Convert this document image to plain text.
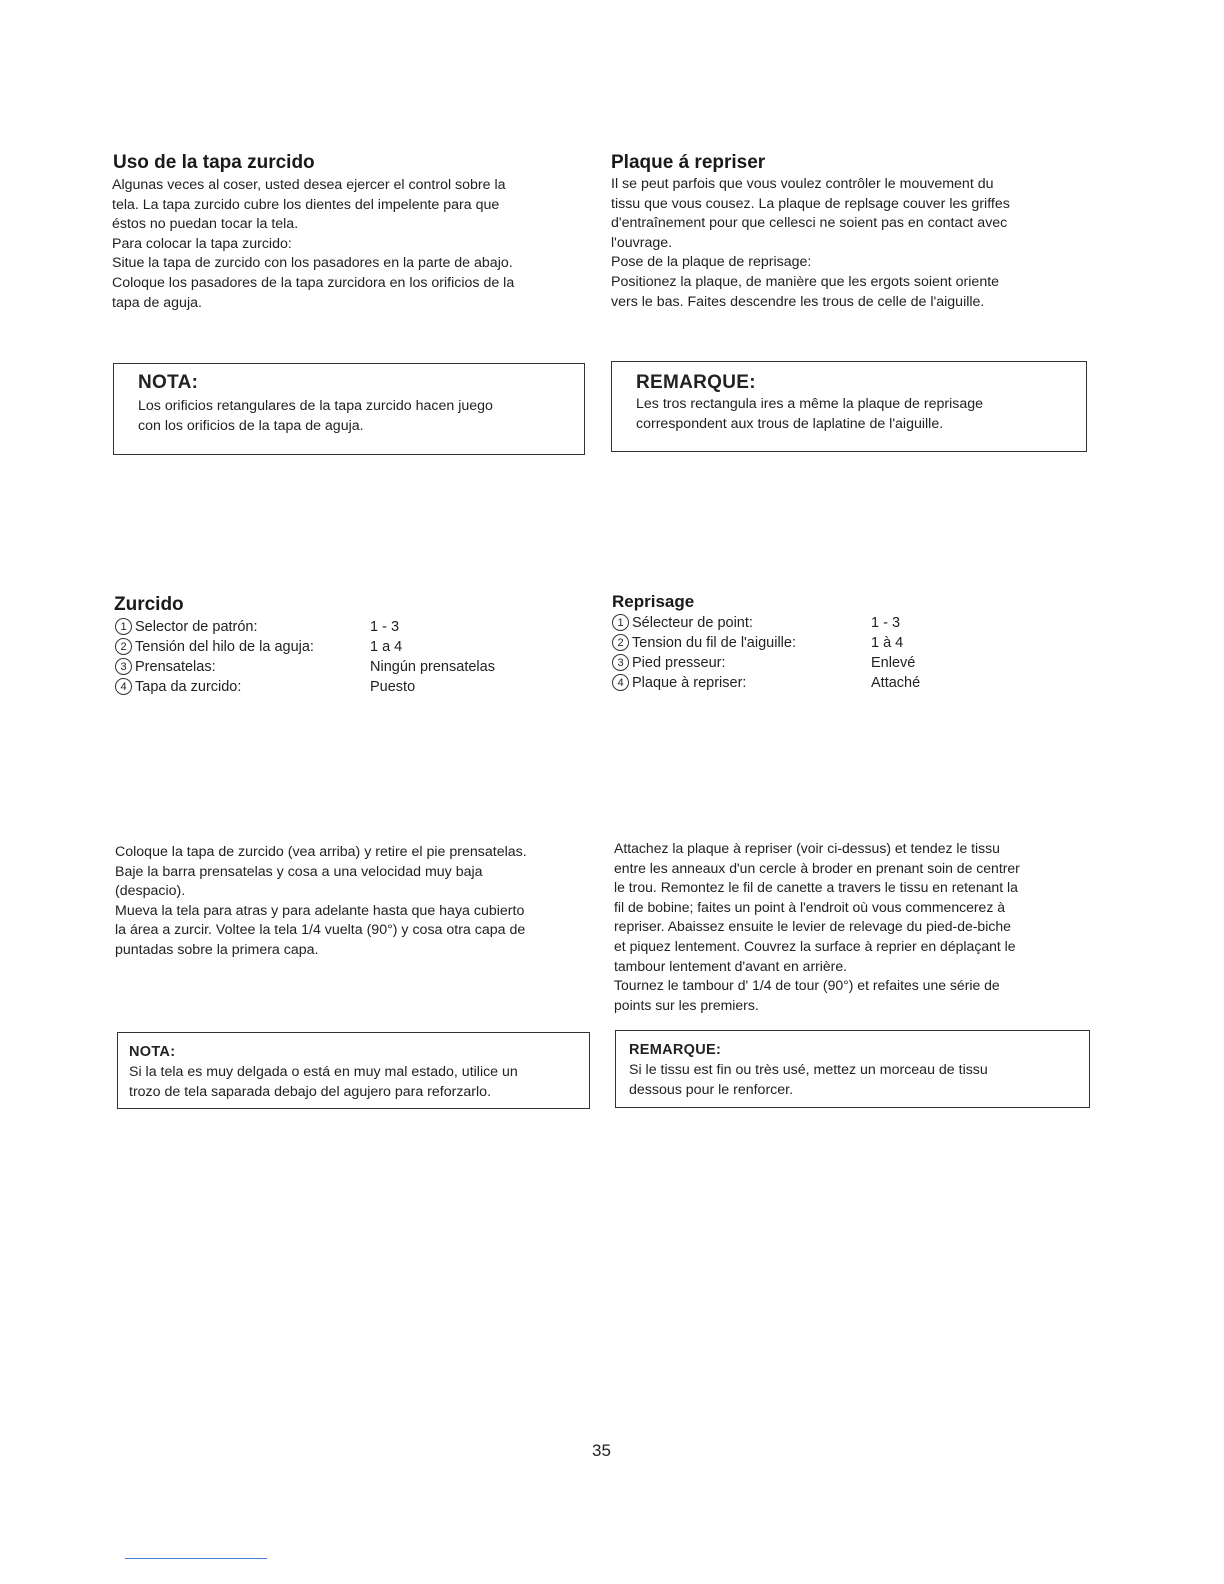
Uso de la tapa zurcido

Algunas veces al coser, usted desea ejercer el control sobre la

tela. La tapa zurcido cubre los dientes del impelente para que

éstos no puedan tocar la tela.

Para colocar la tapa zurcido:

Situe la tapa de zurcido con los pasadores en la parte de abajo.

Coloque los pasadores de la tapa zurcidora en los orificios de la

tapa de aguja.

NOTA:
Los orificios retangulares de la tapa zurcido hacen juego
con los orificios de la tapa de aguja.
Zurcido
1 Selector de patrón:	1 - 3
2 Tensión del hilo de la aguja:	1 a 4
3 Prensatelas:	Ningún prensatelas
4 Tapa da zurcido:	Puesto

Coloque la tapa de zurcido (vea arriba) y retire el pie prensatelas.

Baje la barra prensatelas y cosa a una velocidad muy baja

(despacio).

Mueva la tela para atras y para adelante hasta que haya cubierto

la área a zurcir. Voltee la tela 1/4 vuelta (90°) y cosa otra capa de

puntadas sobre la primera capa.

NOTA:
Si la tela es muy delgada o está en muy mal estado, utilice un
trozo de tela saparada debajo del agujero para reforzarlo.
Plaque á repriser

Il se peut parfois que vous voulez contrôler le mouvement du

tissu que vous cousez. La plaque de replsage couver les griffes

d'entraînement pour que cellesci ne soient pas en contact avec

l'ouvrage.

Pose de la plaque de reprisage:

Positionez la plaque, de manière que les ergots soient oriente

vers le bas. Faites descendre les trous de celle de l'aiguille.

REMARQUE:
Les tros rectangula ires a même la plaque de reprisage
correspondent aux trous de laplatine de l'aiguille.
Reprisage
1 Sélecteur de point:	1 - 3
2 Tension du fil de l'aiguille:	1 à 4
3 Pied presseur:	Enlevé
4 Plaque à repriser:	Attaché

Attachez la plaque à repriser (voir ci-dessus) et tendez le tissu

entre les anneaux d'un cercle à broder en prenant soin de centrer

le trou. Remontez le fil de canette a travers le tissu en retenant la

fil de bobine; faites un point à l'endroit où vous commencerez à

repriser. Abaissez ensuite le levier de relevage du pied-de-biche

et piquez lentement. Couvrez la surface à reprier en déplaçant le

tambour lentement d'avant en arrière.

Tournez le tambour d' 1/4 de tour (90°) et refaites une série de

points sur les premiers.

REMARQUE:
Si le tissu est fin ou très usé, mettez un morceau de tissu
dessous pour le renforcer.
35
